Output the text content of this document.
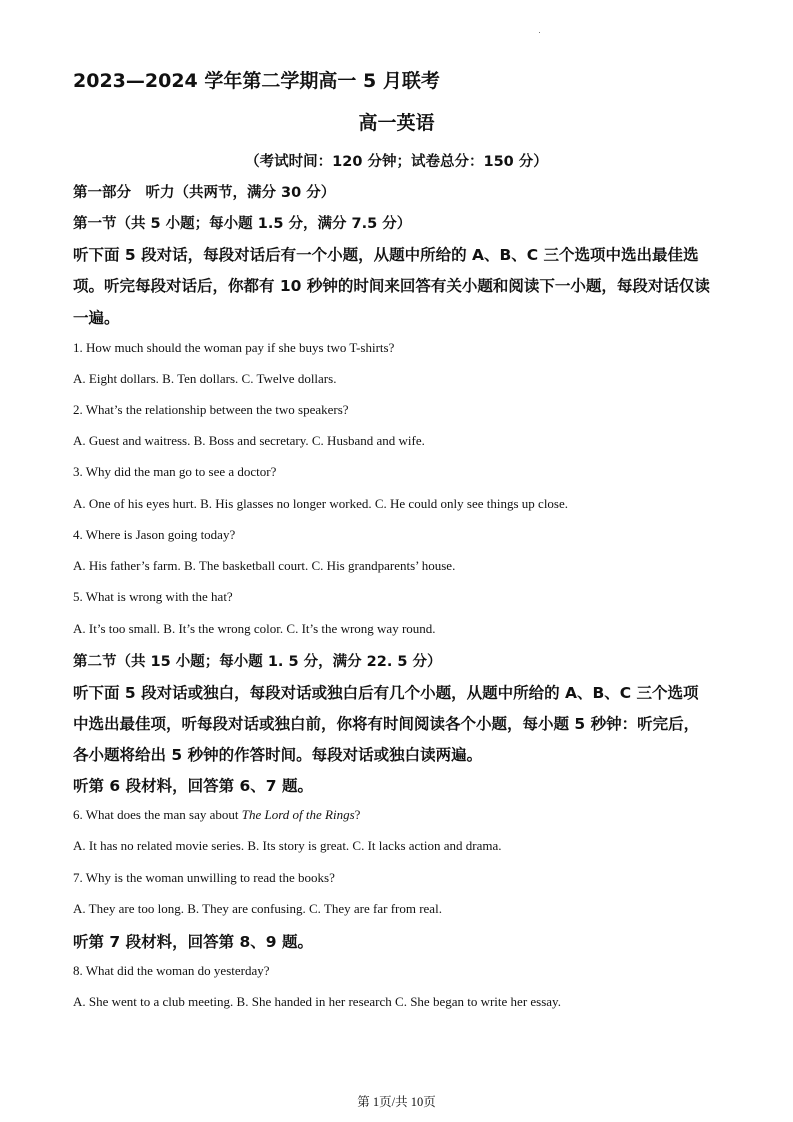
2023—2024 学年第二学期高一 5 月联考
高一英语
（考试时间：120 分钟；试卷总分：150 分）
第一部分　听力（共两节，满分 30 分）
第一节（共 5 小题；每小题 1.5 分，满分 7.5 分）
听下面 5 段对话，每段对话后有一个小题，从题中所给的 A、B、C 三个选项中选出最佳选
项。听完每段对话后，你都有 10 秒钟的时间来回答有关小题和阅读下一小题，每段对话仅读
一遍。
1. How much should the woman pay if she buys two T-shirts?
A. Eight dollars. B. Ten dollars. C. Twelve dollars.
2. What’s the relationship between the two speakers?
A. Guest and waitress. B. Boss and secretary. C. Husband and wife.
3. Why did the man go to see a doctor?
A. One of his eyes hurt. B. His glasses no longer worked. C. He could only see things up close.
4. Where is Jason going today?
A. His father’s farm. B. The basketball court. C. His grandparents’ house.
5. What is wrong with the hat?
A. It’s too small. B. It’s the wrong color. C. It’s the wrong way round.
第二节（共 15 小题；每小题 1. 5 分，满分 22. 5 分）
听下面 5 段对话或独白，每段对话或独白后有几个小题，从题中所给的 A、B、C 三个选项
中选出最佳项，听每段对话或独白前，你将有时间阅读各个小题，每小题 5 秒钟：听完后，
各小题将给出 5 秒钟的作答时间。每段对话或独白读两遍。
听第 6 段材料，回答第 6、7 题。
6. What does the man say about The Lord of the Rings?
A. It has no related movie series. B. Its story is great. C. It lacks action and drama.
7. Why is the woman unwilling to read the books?
A. They are too long. B. They are confusing. C. They are far from real.
听第 7 段材料，回答第 8、9 题。
8. What did the woman do yesterday?
A. She went to a club meeting. B. She handed in her research C. She began to write her essay.
第 1页/共 10页
